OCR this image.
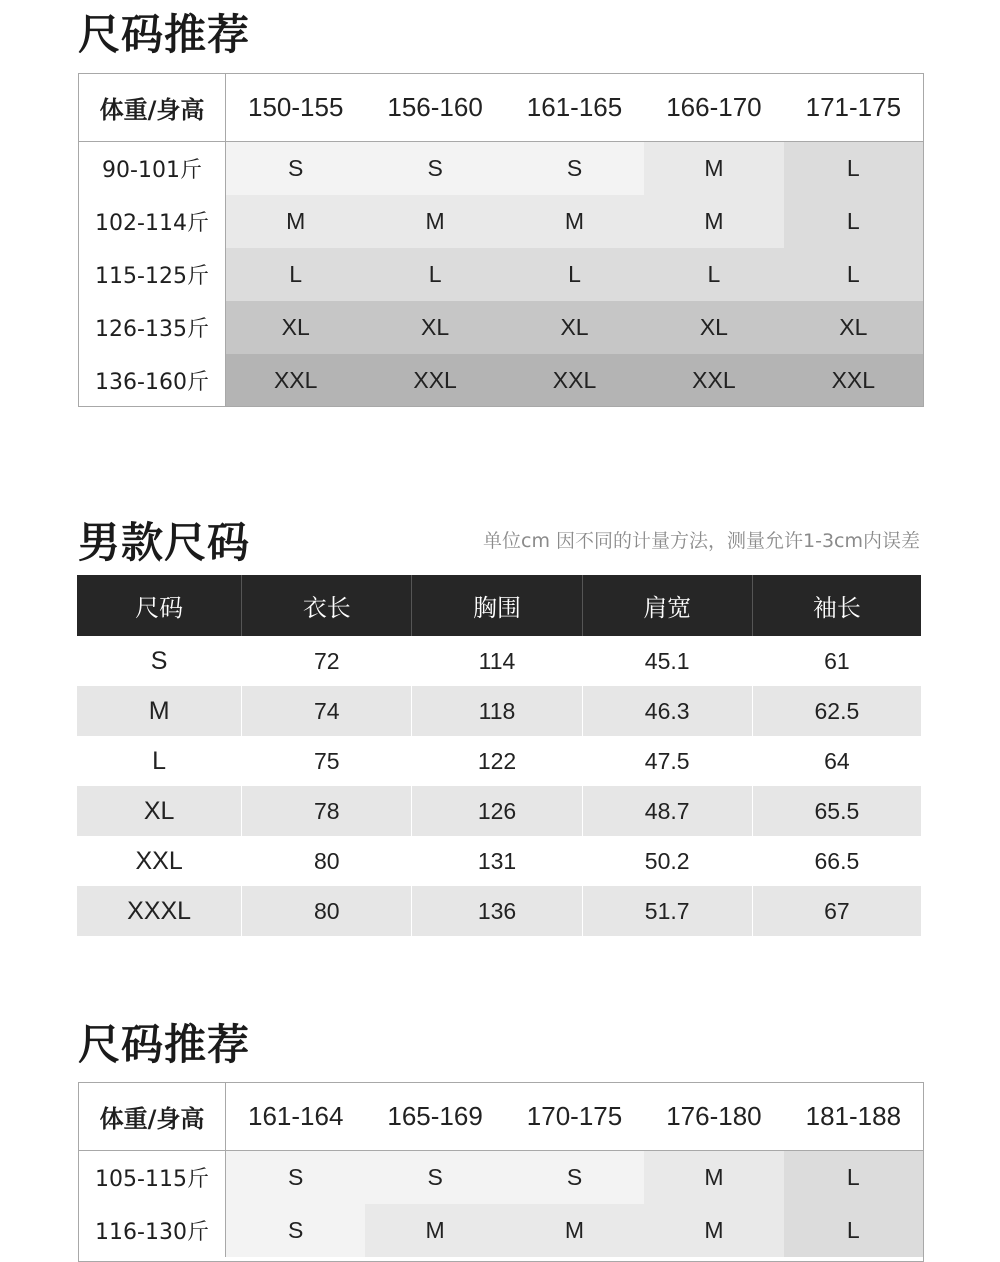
尺码推荐
体重/身高	150-155	156-160	161-165	166-170	171-175
90-101斤	S	S	S	M	L
102-114斤	M	M	M	M	L
115-125斤	L	L	L	L	L
126-135斤	XL	XL	XL	XL	XL
136-160斤	XXL	XXL	XXL	XXL	XXL
男款尺码	单位cm 因不同的计量方法，测量允许1-3cm内误差
尺码	衣长	胸围	肩宽	袖长
S	72	114	45.1	61
M	74	118	46.3	62.5
L	75	122	47.5	64
XL	78	126	48.7	65.5
XXL	80	131	50.2	66.5
XXXL	80	136	51.7	67
尺码推荐
体重/身高	161-164	165-169	170-175	176-180	181-188
105-115斤	S	S	S	M	L
116-130斤	S	M	M	M	L
